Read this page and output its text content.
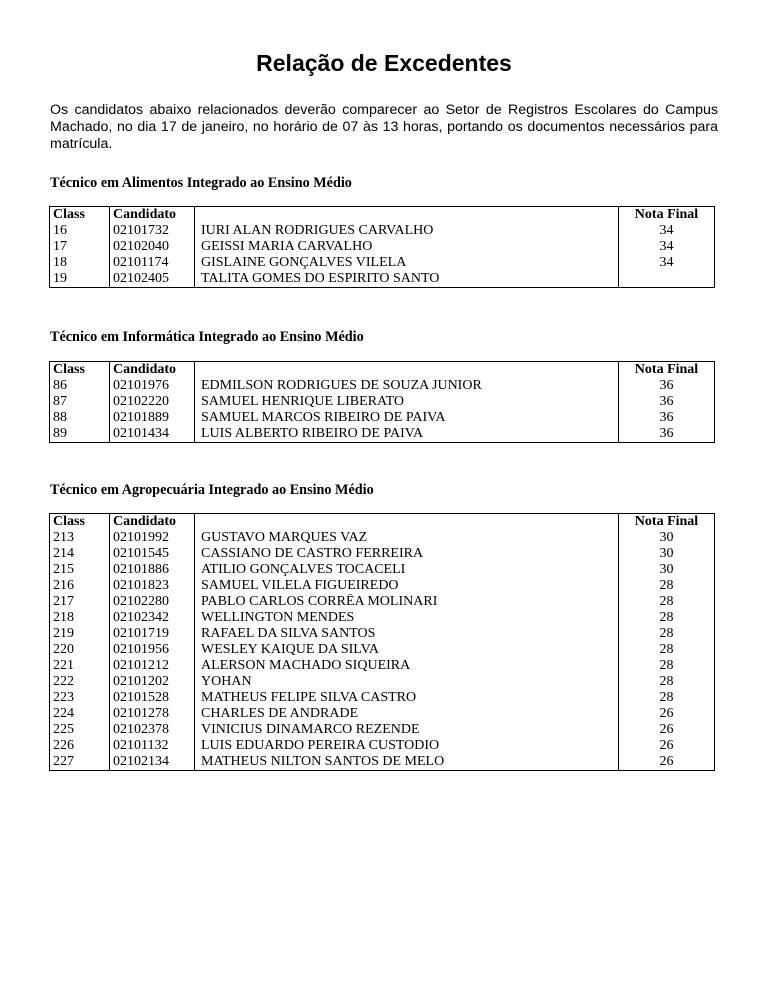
Relação de Excedentes
Os candidatos abaixo relacionados deverão comparecer ao Setor de Registros Escolares do Campus Machado, no dia 17 de janeiro, no horário de 07 às 13 horas, portando os documentos necessários para matrícula.
Técnico em Alimentos Integrado ao Ensino Médio
Class	Candidato		Nota Final
16	02101732	IURI ALAN RODRIGUES CARVALHO	34
17	02102040	GEISSI MARIA CARVALHO	34
18	02101174	GISLAINE GONÇALVES VILELA	34
19	02102405	TALITA GOMES DO ESPIRITO SANTO	
Técnico em Informática Integrado ao Ensino Médio
Class	Candidato		Nota Final
86	02101976	EDMILSON RODRIGUES DE SOUZA JUNIOR	36
87	02102220	SAMUEL HENRIQUE LIBERATO	36
88	02101889	SAMUEL MARCOS RIBEIRO DE PAIVA	36
89	02101434	LUIS ALBERTO RIBEIRO DE PAIVA	36
Técnico em Agropecuária Integrado ao Ensino Médio
Class	Candidato		Nota Final
213	02101992	GUSTAVO MARQUES VAZ	30
214	02101545	CASSIANO DE CASTRO FERREIRA	30
215	02101886	ATILIO GONÇALVES TOCACELI	30
216	02101823	SAMUEL VILELA FIGUEIREDO	28
217	02102280	PABLO CARLOS CORRÊA MOLINARI	28
218	02102342	WELLINGTON MENDES	28
219	02101719	RAFAEL DA SILVA SANTOS	28
220	02101956	WESLEY KAIQUE DA SILVA	28
221	02101212	ALERSON MACHADO SIQUEIRA	28
222	02101202	YOHAN	28
223	02101528	MATHEUS FELIPE SILVA CASTRO	28
224	02101278	CHARLES DE ANDRADE	26
225	02102378	VINICIUS DINAMARCO REZENDE	26
226	02101132	LUIS EDUARDO PEREIRA CUSTODIO	26
227	02102134	MATHEUS NILTON SANTOS DE MELO	26
